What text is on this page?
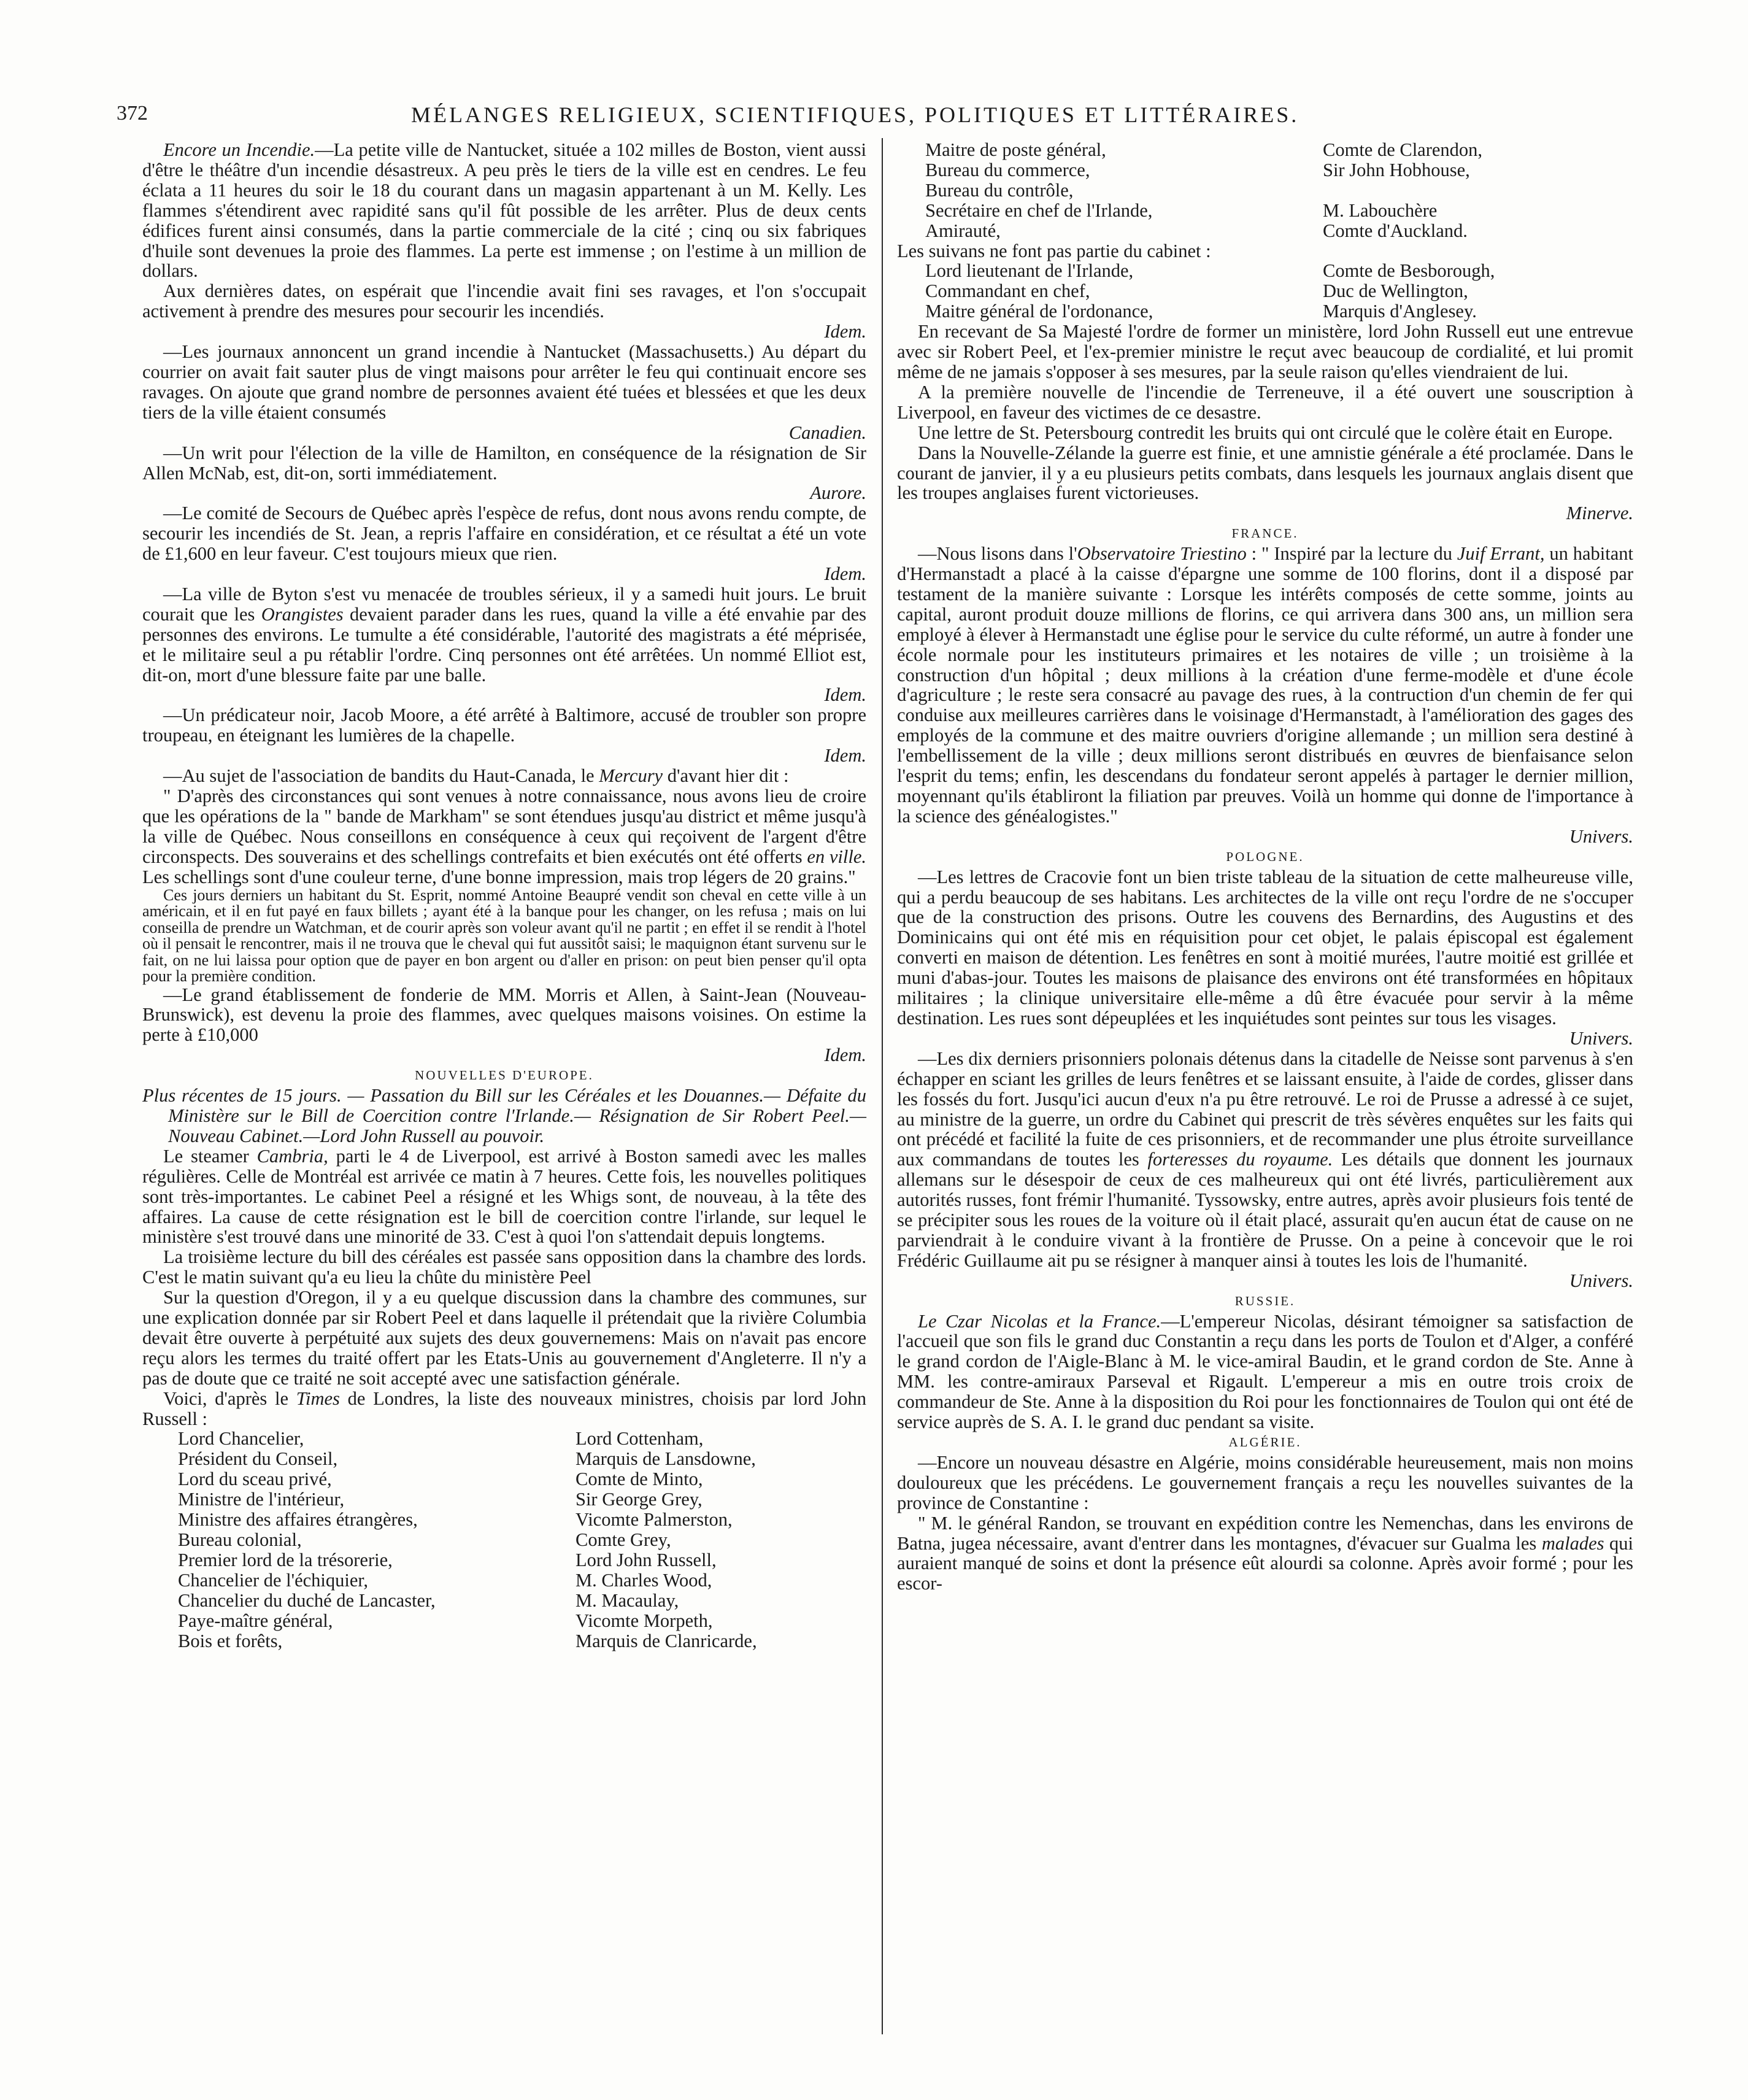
372	MÉLANGES RELIGIEUX, SCIENTIFIQUES, POLITIQUES ET LITTÉRAIRES.

Encore un Incendie.—La petite ville de Nantucket, située a 102 milles de Boston, vient aussi d'être le théâtre d'un incendie désastreux. A peu près le tiers de la ville est en cendres. Le feu éclata a 11 heures du soir le 18 du courant dans un magasin appartenant à un M. Kelly. Les flammes s'étendirent avec rapidité sans qu'il fût possible de les arrêter. Plus de deux cents édifices furent ainsi consumés, dans la partie commerciale de la cité ; cinq ou six fabriques d'huile sont devenues la proie des flammes. La perte est immense ; on l'estime à un million de dollars.

Aux dernières dates, on espérait que l'incendie avait fini ses ravages, et l'on s'occupait activement à prendre des mesures pour secourir les incendiés.
Idem.

—Les journaux annoncent un grand incendie à Nantucket (Massachusetts.) Au départ du courrier on avait fait sauter plus de vingt maisons pour arrêter le feu qui continuait encore ses ravages. On ajoute que grand nombre de personnes avaient été tuées et blessées et que les deux tiers de la ville étaient consumés
Canadien.

—Un writ pour l'élection de la ville de Hamilton, en conséquence de la résignation de Sir Allen McNab, est, dit-on, sorti immédiatement.
Aurore.

—Le comité de Secours de Québec après l'espèce de refus, dont nous avons rendu compte, de secourir les incendiés de St. Jean, a repris l'affaire en considération, et ce résultat a été un vote de £1,600 en leur faveur. C'est toujours mieux que rien.
Idem.

—La ville de Byton s'est vu menacée de troubles sérieux, il y a samedi huit jours. Le bruit courait que les Orangistes devaient parader dans les rues, quand la ville a été envahie par des personnes des environs. Le tumulte a été considérable, l'autorité des magistrats a été méprisée, et le militaire seul a pu rétablir l'ordre. Cinq personnes ont été arrêtées. Un nommé Elliot est, dit-on, mort d'une blessure faite par une balle.
Idem.

—Un prédicateur noir, Jacob Moore, a été arrêté à Baltimore, accusé de troubler son propre troupeau, en éteignant les lumières de la chapelle.
Idem.

—Au sujet de l'association de bandits du Haut-Canada, le Mercury d'avant hier dit :

" D'après des circonstances qui sont venues à notre connaissance, nous avons lieu de croire que les opérations de la " bande de Markham" se sont étendues jusqu'au district et même jusqu'à la ville de Québec. Nous conseillons en conséquence à ceux qui reçoivent de l'argent d'être circonspects. Des souverains et des schellings contrefaits et bien exécutés ont été offerts en ville. Les schellings sont d'une couleur terne, d'une bonne impression, mais trop légers de 20 grains."

Ces jours derniers un habitant du St. Esprit, nommé Antoine Beaupré vendit son cheval en cette ville à un américain, et il en fut payé en faux billets ; ayant été à la banque pour les changer, on les refusa ; mais on lui conseilla de prendre un Watchman, et de courir après son voleur avant qu'il ne partit ; en effet il se rendit à l'hotel où il pensait le rencontrer, mais il ne trouva que le cheval qui fut aussitôt saisi; le maquignon étant survenu sur le fait, on ne lui laissa pour option que de payer en bon argent ou d'aller en prison: on peut bien penser qu'il opta pour la première condition.

—Le grand établissement de fonderie de MM. Morris et Allen, à Saint-Jean (Nouveau-Brunswick), est devenu la proie des flammes, avec quelques maisons voisines. On estime la perte à £10,000
Idem.

NOUVELLES D'EUROPE.

Plus récentes de 15 jours. — Passation du Bill sur les Céréales et les Douannes.— Défaite du Ministère sur le Bill de Coercition contre l'Irlande.— Résignation de Sir Robert Peel.—Nouveau Cabinet.—Lord John Russell au pouvoir.

Le steamer Cambria, parti le 4 de Liverpool, est arrivé à Boston samedi avec les malles régulières. Celle de Montréal est arrivée ce matin à 7 heures. Cette fois, les nouvelles politiques sont très-importantes. Le cabinet Peel a résigné et les Whigs sont, de nouveau, à la tête des affaires. La cause de cette résignation est le bill de coercition contre l'irlande, sur lequel le ministère s'est trouvé dans une minorité de 33. C'est à quoi l'on s'attendait depuis longtems.

La troisième lecture du bill des céréales est passée sans opposition dans la chambre des lords. C'est le matin suivant qu'a eu lieu la chûte du ministère Peel

Sur la question d'Oregon, il y a eu quelque discussion dans la chambre des communes, sur une explication donnée par sir Robert Peel et dans laquelle il prétendait que la rivière Columbia devait être ouverte à perpétuité aux sujets des deux gouvernemens: Mais on n'avait pas encore reçu alors les termes du traité offert par les Etats-Unis au gouvernement d'Angleterre. Il n'y a pas de doute que ce traité ne soit accepté avec une satisfaction générale.

Voici, d'après le Times de Londres, la liste des nouveaux ministres, choisis par lord John Russell :

Lord Chancelier,	Lord Cottenham,
Président du Conseil,	Marquis de Lansdowne,
Lord du sceau privé,	Comte de Minto,
Ministre de l'intérieur,	Sir George Grey,
Ministre des affaires étrangères,	Vicomte Palmerston,
Bureau colonial,	Comte Grey,
Premier lord de la trésorerie,	Lord John Russell,
Chancelier de l'échiquier,	M. Charles Wood,
Chancelier du duché de Lancaster,	M. Macaulay,
Paye-maître général,	Vicomte Morpeth,
Bois et forêts,	Marquis de Clanricarde,
Maitre de poste général,	Comte de Clarendon,
Bureau du commerce,	Sir John Hobhouse,
Bureau du contrôle,	
Secrétaire en chef de l'Irlande,	M. Labouchère
Amirauté,	Comte d'Auckland.

Les suivans ne font pas partie du cabinet :

Lord lieutenant de l'Irlande,	Comte de Besborough,
Commandant en chef,	Duc de Wellington,
Maitre général de l'ordonance,	Marquis d'Anglesey.

En recevant de Sa Majesté l'ordre de former un ministère, lord John Russell eut une entrevue avec sir Robert Peel, et l'ex-premier ministre le reçut avec beaucoup de cordialité, et lui promit même de ne jamais s'opposer à ses mesures, par la seule raison qu'elles viendraient de lui.

A la première nouvelle de l'incendie de Terreneuve, il a été ouvert une souscription à Liverpool, en faveur des victimes de ce desastre.

Une lettre de St. Petersbourg contredit les bruits qui ont circulé que le colère était en Europe.

Dans la Nouvelle-Zélande la guerre est finie, et une amnistie générale a été proclamée. Dans le courant de janvier, il y a eu plusieurs petits combats, dans lesquels les journaux anglais disent que les troupes anglaises furent victorieuses.
Minerve.

FRANCE.

—Nous lisons dans l'Observatoire Triestino : " Inspiré par la lecture du Juif Errant, un habitant d'Hermanstadt a placé à la caisse d'épargne une somme de 100 florins, dont il a disposé par testament de la manière suivante : Lorsque les intérêts composés de cette somme, joints au capital, auront produit douze millions de florins, ce qui arrivera dans 300 ans, un million sera employé à élever à Hermanstadt une église pour le service du culte réformé, un autre à fonder une école normale pour les instituteurs primaires et les notaires de ville ; un troisième à la construction d'un hôpital ; deux millions à la création d'une ferme-modèle et d'une école d'agriculture ; le reste sera consacré au pavage des rues, à la contruction d'un chemin de fer qui conduise aux meilleures carrières dans le voisinage d'Hermanstadt, à l'amélioration des gages des employés de la commune et des maitre ouvriers d'origine allemande ; un million sera destiné à l'embellissement de la ville ; deux millions seront distribués en œuvres de bienfaisance selon l'esprit du tems; enfin, les descendans du fondateur seront appelés à partager le dernier million, moyennant qu'ils établiront la filiation par preuves. Voilà un homme qui donne de l'importance à la science des généalogistes."
Univers.

POLOGNE.

—Les lettres de Cracovie font un bien triste tableau de la situation de cette malheureuse ville, qui a perdu beaucoup de ses habitans. Les architectes de la ville ont reçu l'ordre de ne s'occuper que de la construction des prisons. Outre les couvens des Bernardins, des Augustins et des Dominicains qui ont été mis en réquisition pour cet objet, le palais épiscopal est également converti en maison de détention. Les fenêtres en sont à moitié murées, l'autre moitié est grillée et muni d'abas-jour. Toutes les maisons de plaisance des environs ont été transformées en hôpitaux militaires ; la clinique universitaire elle-même a dû être évacuée pour servir à la même destination. Les rues sont dépeuplées et les inquiétudes sont peintes sur tous les visages.
Univers.

—Les dix derniers prisonniers polonais détenus dans la citadelle de Neisse sont parvenus à s'en échapper en sciant les grilles de leurs fenêtres et se laissant ensuite, à l'aide de cordes, glisser dans les fossés du fort. Jusqu'ici aucun d'eux n'a pu être retrouvé. Le roi de Prusse a adressé à ce sujet, au ministre de la guerre, un ordre du Cabinet qui prescrit de très sévères enquêtes sur les faits qui ont précédé et facilité la fuite de ces prisonniers, et de recommander une plus étroite surveillance aux commandans de toutes les forteresses du royaume. Les détails que donnent les journaux allemans sur le désespoir de ceux de ces malheureux qui ont été livrés, particulièrement aux autorités russes, font frémir l'humanité. Tyssowsky, entre autres, après avoir plusieurs fois tenté de se précipiter sous les roues de la voiture où il était placé, assurait qu'en aucun état de cause on ne parviendrait à le conduire vivant à la frontière de Prusse. On a peine à concevoir que le roi Frédéric Guillaume ait pu se résigner à manquer ainsi à toutes les lois de l'humanité.
Univers.

RUSSIE.

Le Czar Nicolas et la France.—L'empereur Nicolas, désirant témoigner sa satisfaction de l'accueil que son fils le grand duc Constantin a reçu dans les ports de Toulon et d'Alger, a conféré le grand cordon de l'Aigle-Blanc à M. le vice-amiral Baudin, et le grand cordon de Ste. Anne à MM. les contre-amiraux Parseval et Rigault. L'empereur a mis en outre trois croix de commandeur de Ste. Anne à la disposition du Roi pour les fonctionnaires de Toulon qui ont été de service auprès de S. A. I. le grand duc pendant sa visite.

ALGÉRIE.

—Encore un nouveau désastre en Algérie, moins considérable heureusement, mais non moins douloureux que les précédens. Le gouvernement français a reçu les nouvelles suivantes de la province de Constantine :

" M. le général Randon, se trouvant en expédition contre les Nemenchas, dans les environs de Batna, jugea nécessaire, avant d'entrer dans les montagnes, d'évacuer sur Gualma les malades qui auraient manqué de soins et dont la présence eût alourdi sa colonne. Après avoir formé ; pour les escor-
